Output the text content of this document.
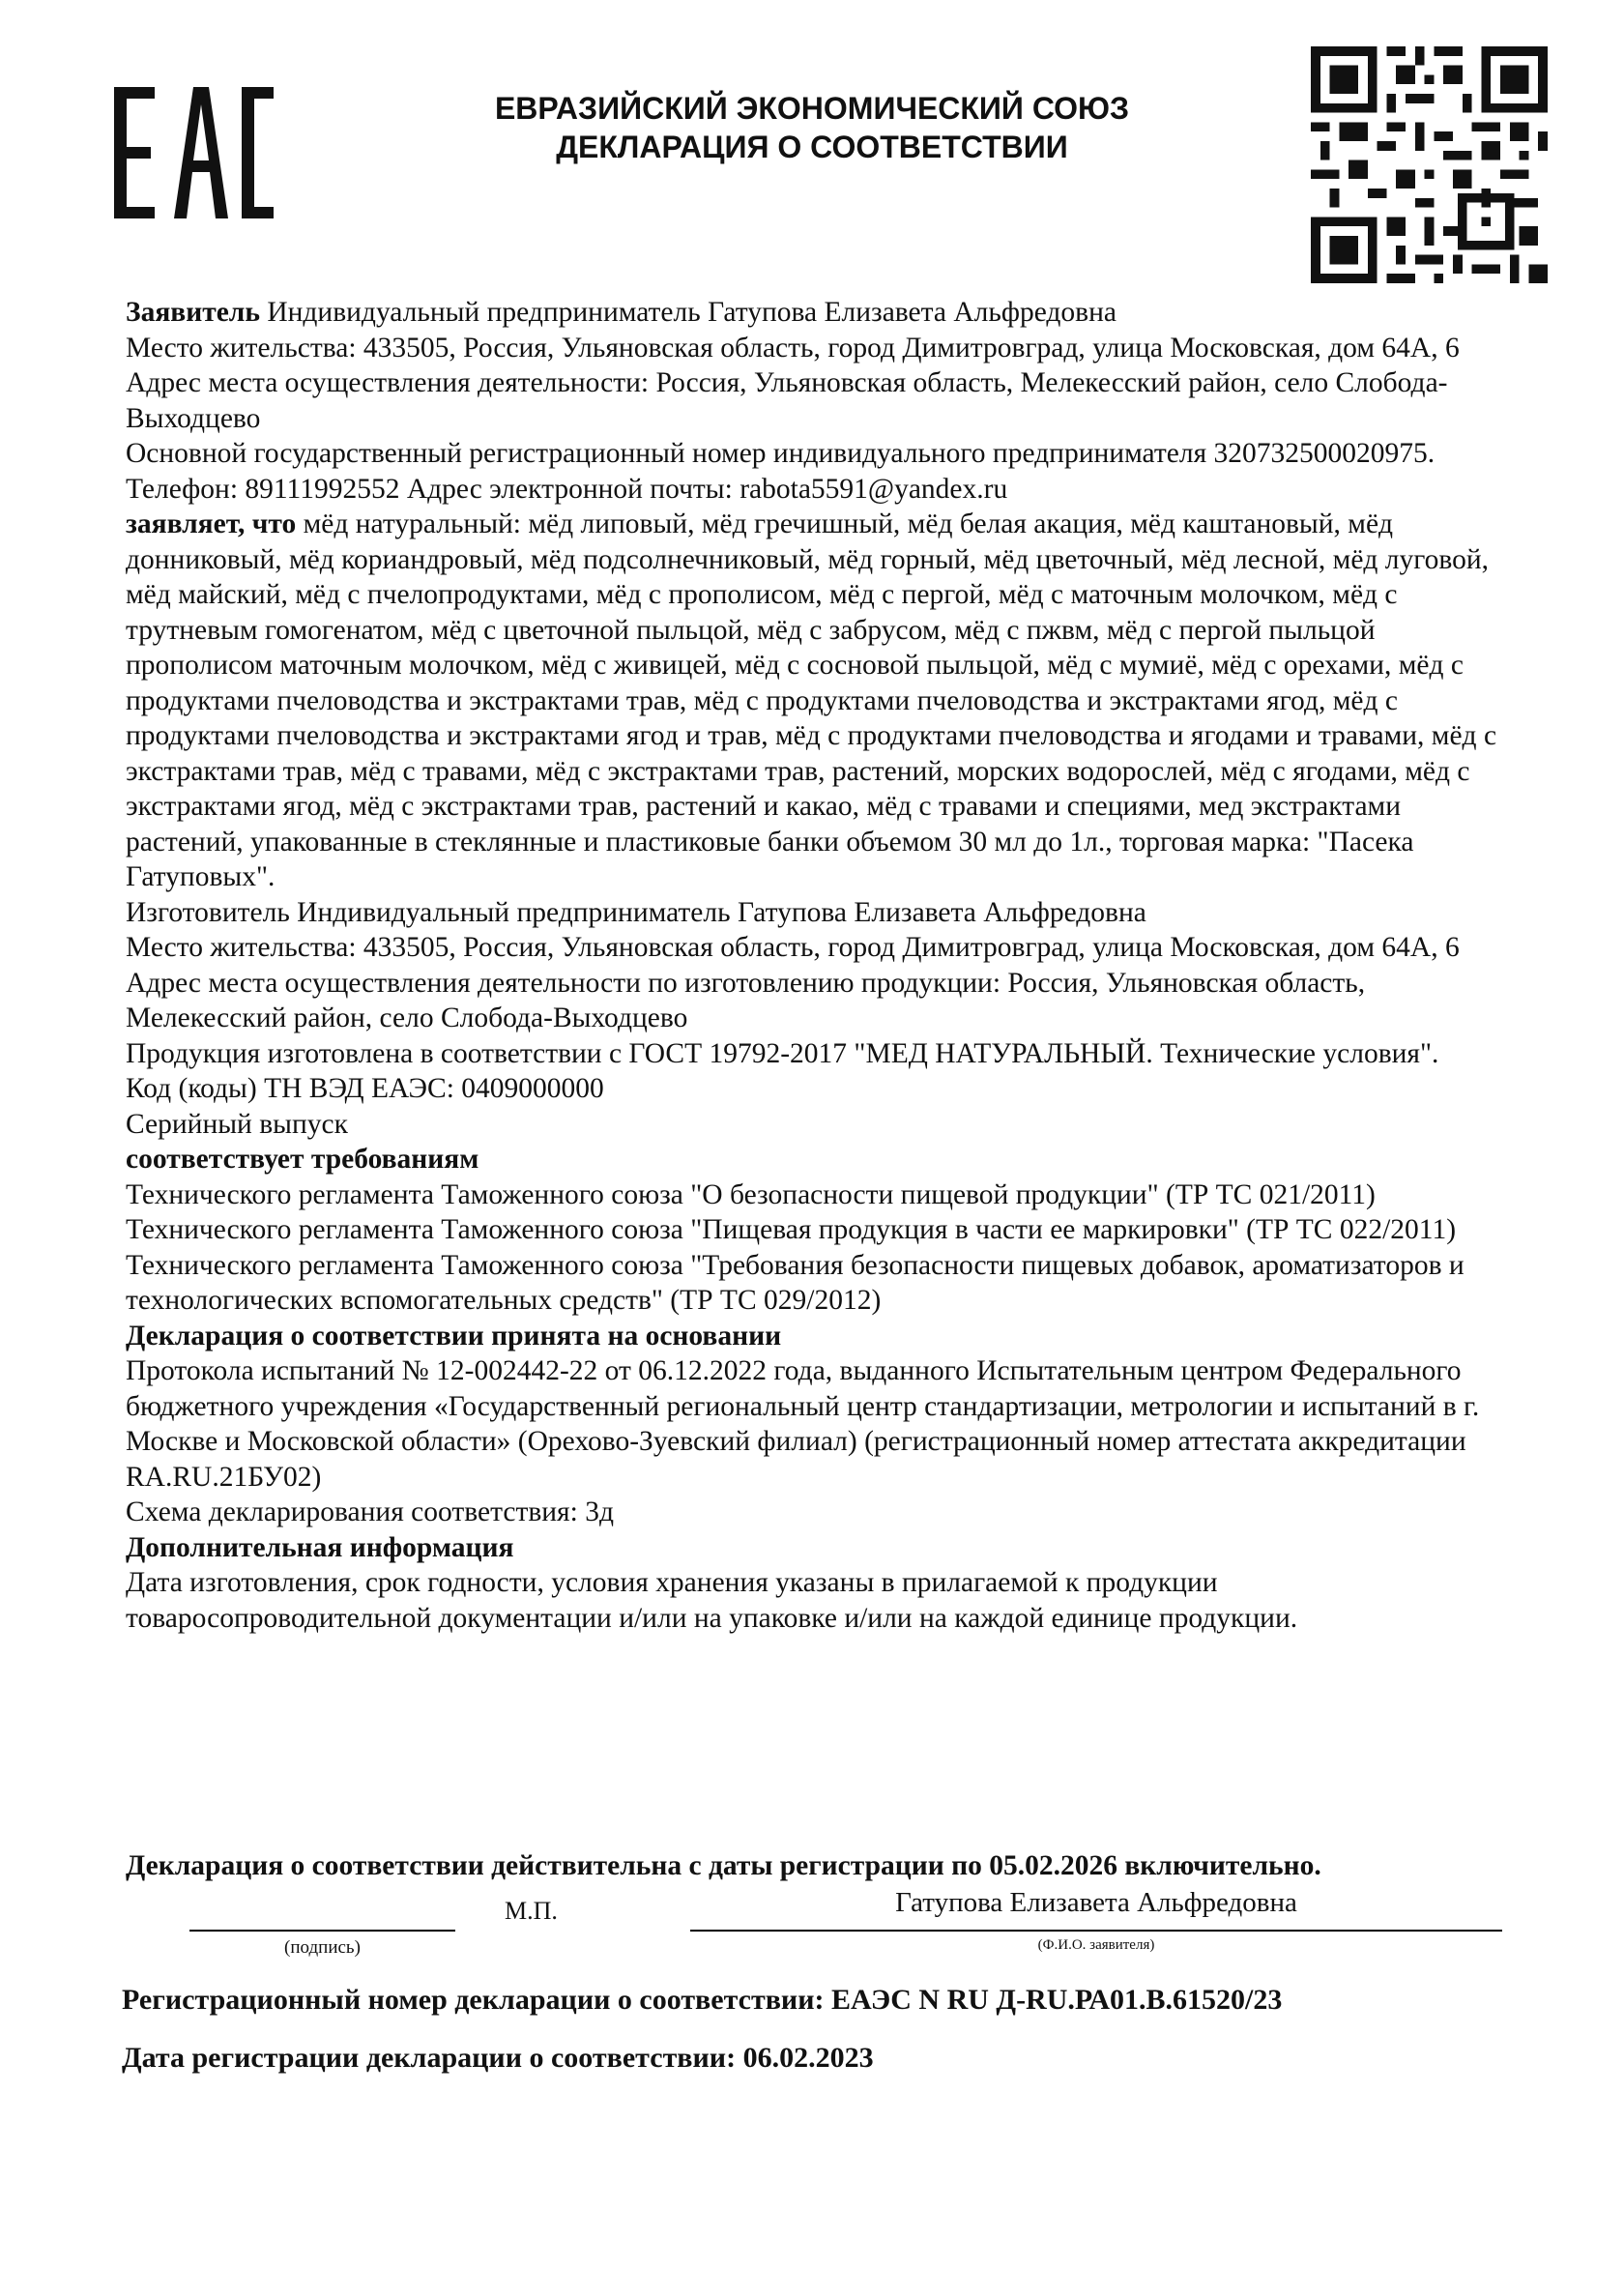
ЕВРАЗИЙСКИЙ ЭКОНОМИЧЕСКИЙ СОЮЗ
ДЕКЛАРАЦИЯ О СООТВЕТСТВИИ

Заявитель Индивидуальный предприниматель Гатупова Елизавета Альфредовна

Место жительства: 433505, Россия, Ульяновская область, город Димитровград, улица Московская, дом 64А, 6

Адрес места осуществления деятельности: Россия, Ульяновская область, Мелекесский район, село Слобода-Выходцево

Основной государственный регистрационный номер индивидуального предпринимателя 320732500020975.

Телефон: 89111992552 Адрес электронной почты: rabota5591@yandex.ru

заявляет, что мёд натуральный: мёд липовый, мёд гречишный, мёд белая акация, мёд каштановый, мёд донниковый, мёд кориандровый, мёд подсолнечниковый, мёд горный, мёд цветочный, мёд лесной, мёд луговой, мёд майский, мёд с пчелопродуктами, мёд с прополисом, мёд с пергой, мёд с маточным молочком, мёд с трутневым гомогенатом, мёд с цветочной пыльцой, мёд с забрусом, мёд с пжвм, мёд с пергой пыльцой прополисом маточным молочком, мёд с живицей, мёд с сосновой пыльцой, мёд с мумиё, мёд с орехами, мёд с продуктами пчеловодства и экстрактами трав, мёд с продуктами пчеловодства и экстрактами ягод, мёд с продуктами пчеловодства и экстрактами ягод и трав, мёд с продуктами пчеловодства и ягодами и травами, мёд с экстрактами трав, мёд с травами, мёд с экстрактами трав, растений, морских водорослей, мёд с ягодами, мёд с экстрактами ягод, мёд с экстрактами трав, растений и какао, мёд с травами и специями, мед экстрактами растений, упакованные в стеклянные и пластиковые банки объемом 30 мл до 1л., торговая марка: "Пасека Гатуповых".

Изготовитель Индивидуальный предприниматель Гатупова Елизавета Альфредовна

Место жительства: 433505, Россия, Ульяновская область, город Димитровград, улица Московская, дом 64А, 6

Адрес места осуществления деятельности по изготовлению продукции: Россия, Ульяновская область, Мелекесский район, село Слобода-Выходцево

Продукция изготовлена в соответствии с ГОСТ 19792-2017 "МЕД НАТУРАЛЬНЫЙ. Технические условия".

Код (коды) ТН ВЭД ЕАЭС: 0409000000

Серийный выпуск

соответствует требованиям

Технического регламента Таможенного союза "О безопасности пищевой продукции" (ТР ТС 021/2011)

Технического регламента Таможенного союза "Пищевая продукция в части ее маркировки" (ТР ТС 022/2011)

Технического регламента Таможенного союза "Требования безопасности пищевых добавок, ароматизаторов и технологических вспомогательных средств" (ТР ТС 029/2012)

Декларация о соответствии принята на основании

Протокола испытаний № 12-002442-22 от 06.12.2022 года, выданного Испытательным центром Федерального бюджетного учреждения «Государственный региональный центр стандартизации, метрологии и испытаний в г. Москве и Московской области» (Орехово-Зуевский филиал) (регистрационный номер аттестата аккредитации RA.RU.21БУ02)

Схема декларирования соответствия: 3д

Дополнительная информация

Дата изготовления, срок годности, условия хранения указаны в прилагаемой к продукции товаросопроводительной документации и/или на упаковке и/или на каждой единице продукции.

Декларация о соответствии действительна с даты регистрации по 05.02.2026 включительно.
М.П.	Гатупова Елизавета Альфредовна
(подпись)	(Ф.И.О. заявителя)
Регистрационный номер декларации о соответствии: ЕАЭС N RU Д-RU.РА01.В.61520/23
Дата регистрации декларации о соответствии: 06.02.2023
